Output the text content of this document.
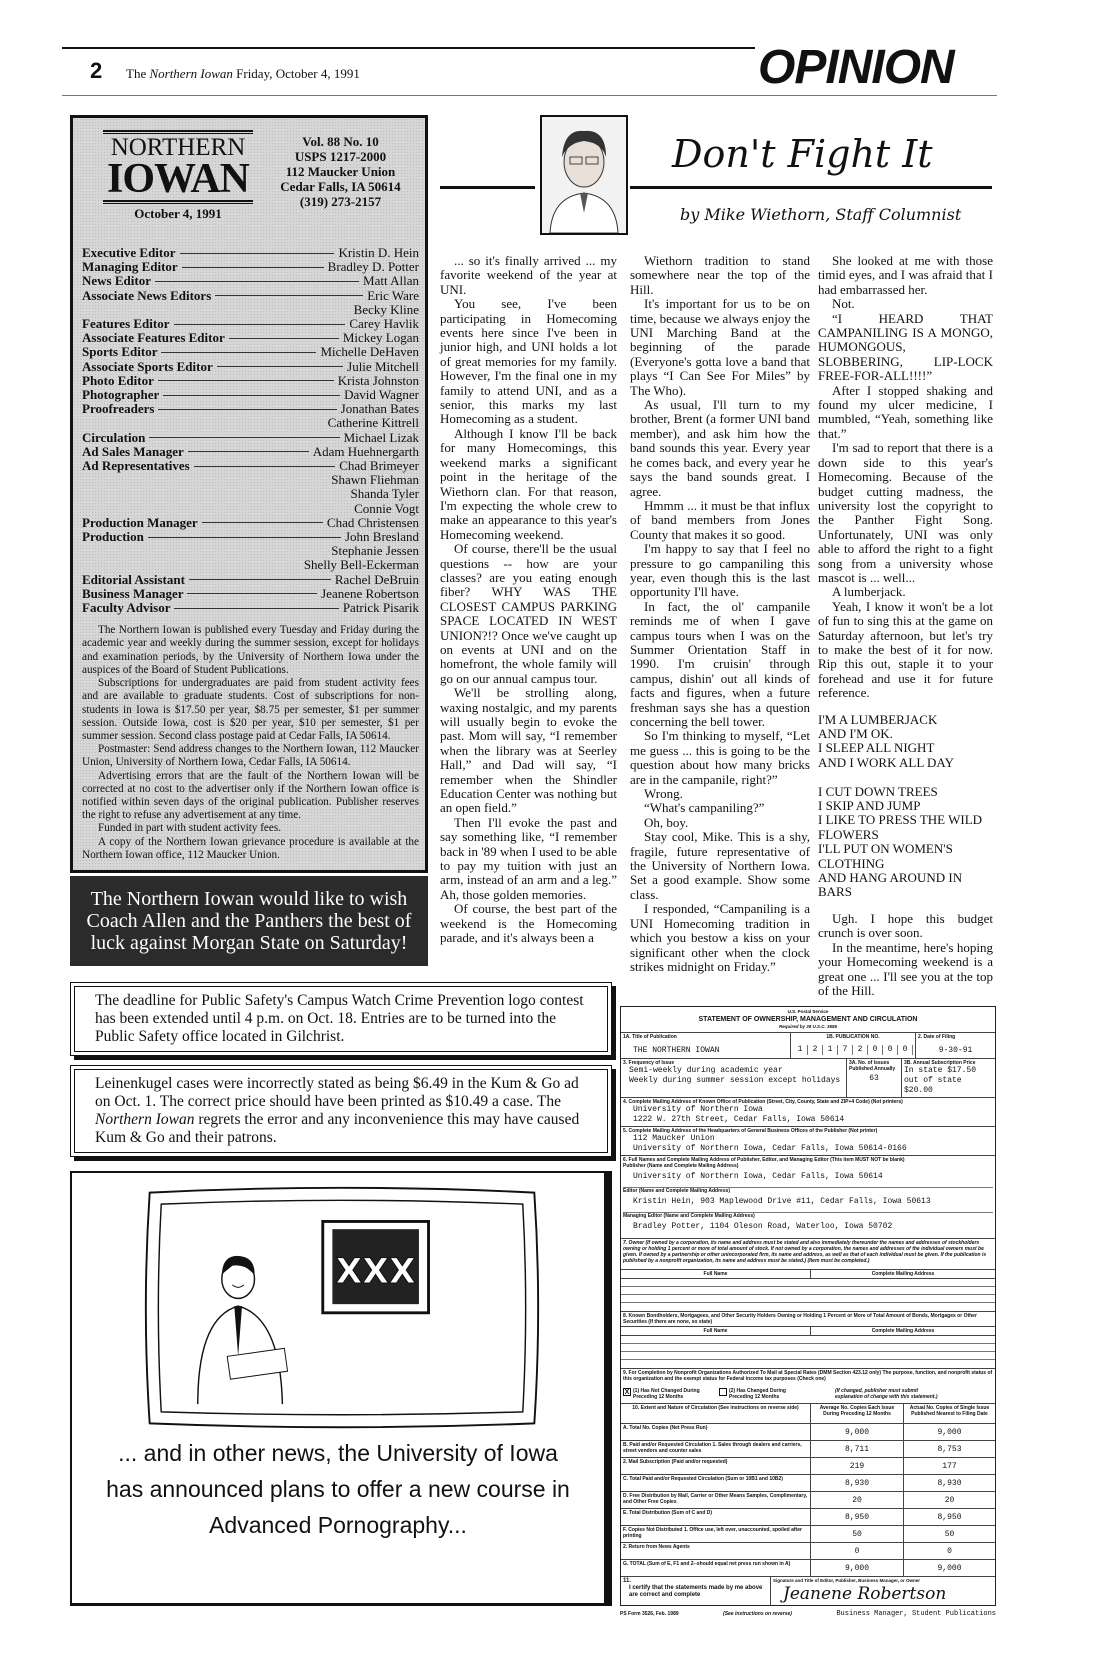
2 The Northern Iowan Friday, October 4, 1991	OPINION
NORTHERN
IOWAN
October 4, 1991
Vol. 88 No. 10
USPS 1217-2000
112 Maucker Union
Cedar Falls, IA 50614
(319) 273-2157
Executive Editor	Kristin D. Hein
Managing Editor	Bradley D. Potter
News Editor	Matt Allan
Associate News Editors	Eric Ware
Becky Kline
Features Editor	Carey Havlik
Associate Features Editor	Mickey Logan
Sports Editor	Michelle DeHaven
Associate Sports Editor	Julie Mitchell
Photo Editor	Krista Johnston
Photographer	David Wagner
Proofreaders	Jonathan Bates
Catherine Kittrell
Circulation	Michael Lizak
Ad Sales Manager	Adam Huehnergarth
Ad Representatives	Chad Brimeyer
Shawn Fliehman
Shanda Tyler
Connie Vogt
Production Manager	Chad Christensen
Production	John Bresland
Stephanie Jessen
Shelly Bell-Eckerman
Editorial Assistant	Rachel DeBruin
Business Manager	Jeanene Robertson
Faculty Advisor	Patrick Pisarik

The Northern Iowan is published every Tuesday and Friday during the academic year and weekly during the summer session, except for holidays and examination periods, by the University of Northern Iowa under the auspices of the Board of Student Publications.

Subscriptions for undergraduates are paid from student activity fees and are available to graduate students. Cost of subscriptions for non-students in Iowa is $17.50 per year, $8.75 per semester, $1 per summer session. Outside Iowa, cost is $20 per year, $10 per semester, $1 per summer session. Second class postage paid at Cedar Falls, IA 50614.

Postmaster: Send address changes to the Northern Iowan, 112 Maucker Union, University of Northern Iowa, Cedar Falls, IA 50614.

Advertising errors that are the fault of the Northern Iowan will be corrected at no cost to the advertiser only if the Northern Iowan office is notified within seven days of the original publication. Publisher reserves the right to refuse any advertisement at any time.

Funded in part with student activity fees.

A copy of the Northern Iowan grievance procedure is available at the Northern Iowan office, 112 Maucker Union.

The Northern Iowan would like to wish Coach Allen and the Panthers the best of luck against Morgan State on Saturday!
Don't Fight It
by Mike Wiethorn, Staff Columnist

... so it's finally arrived ... my favorite weekend of the year at UNI.

You see, I've been participating in Homecoming events here since I've been in junior high, and UNI holds a lot of great memories for my family. However, I'm the final one in my family to attend UNI, and as a senior, this marks my last Homecoming as a student.

Although I know I'll be back for many Homecomings, this weekend marks a significant point in the heritage of the Wiethorn clan. For that reason, I'm expecting the whole crew to make an appearance to this year's Homecoming weekend.

Of course, there'll be the usual questions -- how are your classes? are you eating enough fiber? WHY WAS THE CLOSEST CAMPUS PARKING SPACE LOCATED IN WEST UNION?!? Once we've caught up on events at UNI and on the homefront, the whole family will go on our annual campus tour.

We'll be strolling along, waxing nostalgic, and my parents will usually begin to evoke the past. Mom will say, “I remember when the library was at Seerley Hall,” and Dad will say, “I remember when the Shindler Education Center was nothing but an open field.”

Then I'll evoke the past and say something like, “I remember back in '89 when I used to be able to pay my tuition with just an arm, instead of an arm and a leg.” Ah, those golden memories.

Of course, the best part of the weekend is the Homecoming parade, and it's always been a

Wiethorn tradition to stand somewhere near the top of the Hill.

It's important for us to be on time, because we always enjoy the UNI Marching Band at the beginning of the parade (Everyone's gotta love a band that plays “I Can See For Miles” by The Who).

As usual, I'll turn to my brother, Brent (a former UNI band member), and ask him how the band sounds this year. Every year he comes back, and every year he says the band sounds great. I agree.

Hmmm ... it must be that influx of band members from Jones County that makes it so good.

I'm happy to say that I feel no pressure to go campaniling this year, even though this is the last opportunity I'll have.

In fact, the ol' campanile reminds me of when I gave campus tours when I was on the Summer Orientation Staff in 1990. I'm cruisin' through campus, dishin' out all kinds of facts and figures, when a future freshman says she has a question concerning the bell tower.

So I'm thinking to myself, “Let me guess ... this is going to be the question about how many bricks are in the campanile, right?”

Wrong.

“What's campaniling?”

Oh, boy.

Stay cool, Mike. This is a shy, fragile, future representative of the University of Northern Iowa. Set a good example. Show some class.

I responded, “Campaniling is a UNI Homecoming tradition in which you bestow a kiss on your significant other when the clock strikes midnight on Friday.”

She looked at me with those timid eyes, and I was afraid that I had embarrassed her.

Not.

“I HEARD THAT CAMPANILING IS A MONGO, HUMONGOUS, SLOBBERING, LIP-LOCK FREE-FOR-ALL!!!!”

After I stopped shaking and found my ulcer medicine, I mumbled, “Yeah, something like that.”

I'm sad to report that there is a down side to this year's Homecoming. Because of the budget cutting madness, the university lost the copyright to the Panther Fight Song. Unfortunately, UNI was only able to afford the right to a fight song from a university whose mascot is ... well...

A lumberjack.

Yeah, I know it won't be a lot of fun to sing this at the game on Saturday afternoon, but let's try to make the best of it for now. Rip this out, staple it to your forehead and use it for future reference.

I'M A LUMBERJACK
AND I'M OK.
I SLEEP ALL NIGHT
AND I WORK ALL DAY

I CUT DOWN TREES
I SKIP AND JUMP
I LIKE TO PRESS THE WILD FLOWERS
I'LL PUT ON WOMEN'S CLOTHING
AND HANG AROUND IN BARS

Ugh. I hope this budget crunch is over soon.

In the meantime, here's hoping your Homecoming weekend is a great one ... I'll see you at the top of the Hill.

The deadline for Public Safety's Campus Watch Crime Prevention logo contest has been extended until 4 p.m. on Oct. 18. Entries are to be turned into the Public Safety office located in Gilchrist.
Leinenkugel cases were incorrectly stated as being $6.49 in the Kum & Go ad on Oct. 1. The correct price should have been printed as $10.49 a case. The Northern Iowan regrets the error and any inconvenience this may have caused Kum & Go and their patrons.
XXX
... and in other news, the University of Iowa
has announced plans to offer a new course in
Advanced Pornography...
U.S. Postal Service
STATEMENT OF OWNERSHIP, MANAGEMENT AND CIRCULATION
Required by 39 U.S.C. 3685
1A. Title of Publication
THE NORTHERN IOWAN
1B. PUBLICATION NO.
1	2	1	7	2	0	0	0
2. Date of Filing
9-30-91
3. Frequency of Issue
Semi-weekly during academic year
Weekly during summer session except holidays
3A. No. of Issues Published Annually
63
3B. Annual Subscription Price
In state $17.50
out of state $20.00
4. Complete Mailing Address of Known Office of Publication (Street, City, County, State and ZIP+4 Code) (Not printers)
University of Northern Iowa
1222 W. 27th Street, Cedar Falls, Iowa 50614
5. Complete Mailing Address of the Headquarters of General Business Offices of the Publisher (Not printer)
112 Maucker Union
University of Northern Iowa, Cedar Falls, Iowa 50614-0166
6. Full Names and Complete Mailing Address of Publisher, Editor, and Managing Editor (This item MUST NOT be blank)
Publisher (Name and Complete Mailing Address)
University of Northern Iowa, Cedar Falls, Iowa 50614
Editor (Name and Complete Mailing Address)
Kristin Hein, 903 Maplewood Drive #11, Cedar Falls, Iowa 50613
Managing Editor (Name and Complete Mailing Address)
Bradley Potter, 1104 Oleson Road, Waterloo, Iowa 50702
7. Owner (If owned by a corporation, its name and address must be stated and also immediately thereunder the names and addresses of stockholders owning or holding 1 percent or more of total amount of stock. If not owned by a corporation, the names and addresses of the individual owners must be given. If owned by a partnership or other unincorporated firm, its name and address, as well as that of each individual must be given. If the publication is published by a nonprofit organization, its name and address must be stated.) (Item must be completed.)
Full Name	Complete Mailing Address
8. Known Bondholders, Mortgagees, and Other Security Holders Owning or Holding 1 Percent or More of Total Amount of Bonds, Mortgages or Other Securities (If there are none, so state)
Full Name	Complete Mailing Address
9. For Completion by Nonprofit Organizations Authorized To Mail at Special Rates (DMM Section 423.12 only) The purpose, function, and nonprofit status of this organization and the exempt status for Federal income tax purposes (Check one)
X (1) Has Not Changed During Preceding 12 Months
(2) Has Changed During Preceding 12 Months
(If changed, publisher must submit explanation of change with this statement.)
10. Extent and Nature of Circulation (See instructions on reverse side)	Average No. Copies Each Issue During Preceding 12 Months
Actual No. Copies of Single Issue Published Nearest to Filing Date
A. Total No. Copies (Net Press Run)	9,000	9,000
B. Paid and/or Requested Circulation 1. Sales through dealers and carriers, street vendors and counter sales	8,711	8,753
2. Mail Subscription (Paid and/or requested)	219	177
C. Total Paid and/or Requested Circulation (Sum or 10B1 and 10B2)	8,930	8,930
D. Free Distribution by Mail, Carrier or Other Means Samples, Complimentary, and Other Free Copies	20	20
E. Total Distribution (Sum of C and D)	8,950	8,950
F. Copies Not Distributed 1. Office use, left over, unaccounted, spoiled after printing	50	50
2. Return from News Agents	0	0
G. TOTAL (Sum of E, F1 and 2--should equal net press run shown in A)	9,000	9,000
11.
I certify that the statements made by me above are correct and complete
Signature and Title of Editor, Publisher, Business Manager, or Owner
Jeanene Robertson
PS Form 3526, Feb. 1989	(See instructions on reverse)	Business Manager, Student Publications
